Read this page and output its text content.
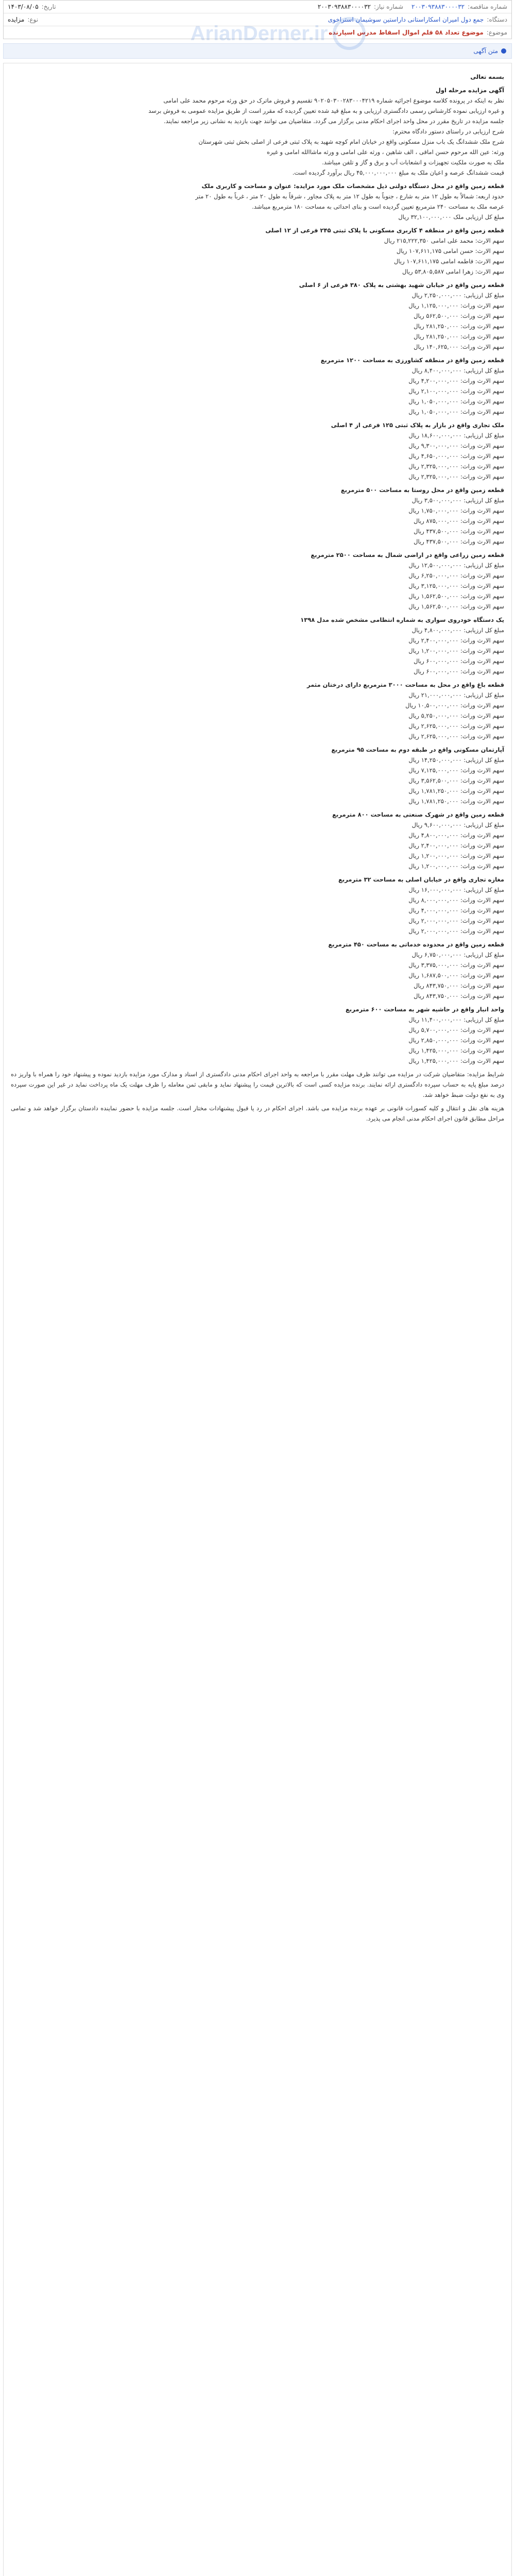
شماره مناقصه:
۲۰۰۳۰۹۳۸۸۳۰۰۰۰۳۲
شماره نیاز:
۲۰۰۳۰۹۳۸۸۳۰۰۰۰۳۲
تاریخ:
۱۴۰۳/۰۸/۰۵
دستگاه:
جمع دول امیران اسکاراستانی داراستین سوشیمان استراخوی
نوع:
مزایده
موضوع:
موضوع تعداد ۵۸ قلم اموال اسقاط مدرس اسپارنده
متن آگهی

بسمه تعالی

آگهی مزایده مرحله اول

نظر به اینکه در پرونده کلاسه موضوع اجرائیه شماره ۹۰۲۰۵۰۳۰۰۲۸۳۰۰۰۴۲۱۹ تقسیم و فروش ماترک در حق ورثه مرحوم محمد علی امامی

و غیره ارزیابی نموده کارشناس رسمی دادگستری ارزیابی و به مبلغ قید شده تعیین گردیده که مقرر است از طریق مزایده عمومی به فروش برسد

جلسه مزایده در تاریخ مقرر در محل واحد اجرای احکام مدنی برگزار می گردد. متقاضیان می توانند جهت بازدید به نشانی زیر مراجعه نمایند.

شرح ارزیابی در راستای دستور دادگاه محترم:

شرح ملک ششدانگ یک باب منزل مسکونی واقع در خیابان امام کوچه شهید به پلاک ثبتی فرعی از اصلی بخش ثبتی شهرستان

ورثه: عین الله مرحوم حسن اماقی ، الف شاهین ، ورثه علی امامی و ورثه ماشاالله امامی و غیره

ملک به صورت ملکیت تجهیزات و انشعابات آب و برق و گاز و تلفن میباشد.

قیمت ششدانگ عرصه و اعیان ملک به مبلغ ۴۵,۰۰۰,۰۰۰,۰۰۰ ریال برآورد گردیده است.

قطعه زمین واقع در محل دستگاه دولتی ذیل مشخصات ملک مورد مزایده: عنوان و مساحت و کاربری ملک

حدود اربعه: شمالاً به طول ۱۲ متر به شارع ، جنوباً به طول ۱۲ متر به پلاک مجاور ، شرقاً به طول ۲۰ متر ، غرباً به طول ۲۰ متر

عرصه ملک به مساحت ۲۴۰ مترمربع تعیین گردیده است و بنای احداثی به مساحت ۱۸۰ مترمربع میباشد.

مبلغ کل ارزیابی ملک ۳۲,۱۰۰,۰۰۰,۰۰۰ ریال

قطعه زمین واقع در منطقه ۴ کاربری مسکونی با پلاک ثبتی ۲۴۵ فرعی از ۱۲ اصلی

سهم الارث: محمد علی امامی ۲۱۵,۲۲۲,۳۵۰ ریال

سهم الارث: حسن امامی ۱۰۷,۶۱۱,۱۷۵ ریال

سهم الارث: فاطمه امامی ۱۰۷,۶۱۱,۱۷۵ ریال

سهم الارث: زهرا امامی ۵۳,۸۰۵,۵۸۷ ریال

قطعه زمین واقع در خیابان شهید بهشتی به پلاک ۳۸۰ فرعی از ۶ اصلی

مبلغ کل ارزیابی: ۲,۲۵۰,۰۰۰,۰۰۰ ریال

سهم الارث وراث: ۱,۱۲۵,۰۰۰,۰۰۰ ریال

سهم الارث وراث: ۵۶۲,۵۰۰,۰۰۰ ریال

سهم الارث وراث: ۲۸۱,۲۵۰,۰۰۰ ریال

سهم الارث وراث: ۲۸۱,۲۵۰,۰۰۰ ریال

سهم الارث وراث: ۱۴۰,۶۲۵,۰۰۰ ریال

قطعه زمین واقع در منطقه کشاورزی به مساحت ۱۲۰۰ مترمربع

مبلغ کل ارزیابی: ۸,۴۰۰,۰۰۰,۰۰۰ ریال

سهم الارث وراث: ۴,۲۰۰,۰۰۰,۰۰۰ ریال

سهم الارث وراث: ۲,۱۰۰,۰۰۰,۰۰۰ ریال

سهم الارث وراث: ۱,۰۵۰,۰۰۰,۰۰۰ ریال

سهم الارث وراث: ۱,۰۵۰,۰۰۰,۰۰۰ ریال

ملک تجاری واقع در بازار به پلاک ثبتی ۱۲۵ فرعی از ۴ اصلی

مبلغ کل ارزیابی: ۱۸,۶۰۰,۰۰۰,۰۰۰ ریال

سهم الارث وراث: ۹,۳۰۰,۰۰۰,۰۰۰ ریال

سهم الارث وراث: ۴,۶۵۰,۰۰۰,۰۰۰ ریال

سهم الارث وراث: ۲,۳۲۵,۰۰۰,۰۰۰ ریال

سهم الارث وراث: ۲,۳۲۵,۰۰۰,۰۰۰ ریال

قطعه زمین واقع در محل روستا به مساحت ۵۰۰ مترمربع

مبلغ کل ارزیابی: ۳,۵۰۰,۰۰۰,۰۰۰ ریال

سهم الارث وراث: ۱,۷۵۰,۰۰۰,۰۰۰ ریال

سهم الارث وراث: ۸۷۵,۰۰۰,۰۰۰ ریال

سهم الارث وراث: ۴۳۷,۵۰۰,۰۰۰ ریال

سهم الارث وراث: ۴۳۷,۵۰۰,۰۰۰ ریال

قطعه زمین زراعی واقع در اراضی شمال به مساحت ۲۵۰۰ مترمربع

مبلغ کل ارزیابی: ۱۲,۵۰۰,۰۰۰,۰۰۰ ریال

سهم الارث وراث: ۶,۲۵۰,۰۰۰,۰۰۰ ریال

سهم الارث وراث: ۳,۱۲۵,۰۰۰,۰۰۰ ریال

سهم الارث وراث: ۱,۵۶۲,۵۰۰,۰۰۰ ریال

سهم الارث وراث: ۱,۵۶۲,۵۰۰,۰۰۰ ریال

یک دستگاه خودروی سواری به شماره انتظامی مشخص شده مدل ۱۳۹۸

مبلغ کل ارزیابی: ۴,۸۰۰,۰۰۰,۰۰۰ ریال

سهم الارث وراث: ۲,۴۰۰,۰۰۰,۰۰۰ ریال

سهم الارث وراث: ۱,۲۰۰,۰۰۰,۰۰۰ ریال

سهم الارث وراث: ۶۰۰,۰۰۰,۰۰۰ ریال

سهم الارث وراث: ۶۰۰,۰۰۰,۰۰۰ ریال

قطعه باغ واقع در محل به مساحت ۳۰۰۰ مترمربع دارای درختان مثمر

مبلغ کل ارزیابی: ۲۱,۰۰۰,۰۰۰,۰۰۰ ریال

سهم الارث وراث: ۱۰,۵۰۰,۰۰۰,۰۰۰ ریال

سهم الارث وراث: ۵,۲۵۰,۰۰۰,۰۰۰ ریال

سهم الارث وراث: ۲,۶۲۵,۰۰۰,۰۰۰ ریال

سهم الارث وراث: ۲,۶۲۵,۰۰۰,۰۰۰ ریال

آپارتمان مسکونی واقع در طبقه دوم به مساحت ۹۵ مترمربع

مبلغ کل ارزیابی: ۱۴,۲۵۰,۰۰۰,۰۰۰ ریال

سهم الارث وراث: ۷,۱۲۵,۰۰۰,۰۰۰ ریال

سهم الارث وراث: ۳,۵۶۲,۵۰۰,۰۰۰ ریال

سهم الارث وراث: ۱,۷۸۱,۲۵۰,۰۰۰ ریال

سهم الارث وراث: ۱,۷۸۱,۲۵۰,۰۰۰ ریال

قطعه زمین واقع در شهرک صنعتی به مساحت ۸۰۰ مترمربع

مبلغ کل ارزیابی: ۹,۶۰۰,۰۰۰,۰۰۰ ریال

سهم الارث وراث: ۴,۸۰۰,۰۰۰,۰۰۰ ریال

سهم الارث وراث: ۲,۴۰۰,۰۰۰,۰۰۰ ریال

سهم الارث وراث: ۱,۲۰۰,۰۰۰,۰۰۰ ریال

سهم الارث وراث: ۱,۲۰۰,۰۰۰,۰۰۰ ریال

مغازه تجاری واقع در خیابان اصلی به مساحت ۳۲ مترمربع

مبلغ کل ارزیابی: ۱۶,۰۰۰,۰۰۰,۰۰۰ ریال

سهم الارث وراث: ۸,۰۰۰,۰۰۰,۰۰۰ ریال

سهم الارث وراث: ۴,۰۰۰,۰۰۰,۰۰۰ ریال

سهم الارث وراث: ۲,۰۰۰,۰۰۰,۰۰۰ ریال

سهم الارث وراث: ۲,۰۰۰,۰۰۰,۰۰۰ ریال

قطعه زمین واقع در محدوده خدماتی به مساحت ۴۵۰ مترمربع

مبلغ کل ارزیابی: ۶,۷۵۰,۰۰۰,۰۰۰ ریال

سهم الارث وراث: ۳,۳۷۵,۰۰۰,۰۰۰ ریال

سهم الارث وراث: ۱,۶۸۷,۵۰۰,۰۰۰ ریال

سهم الارث وراث: ۸۴۳,۷۵۰,۰۰۰ ریال

سهم الارث وراث: ۸۴۳,۷۵۰,۰۰۰ ریال

واحد انبار واقع در حاشیه شهر به مساحت ۶۰۰ مترمربع

مبلغ کل ارزیابی: ۱۱,۴۰۰,۰۰۰,۰۰۰ ریال

سهم الارث وراث: ۵,۷۰۰,۰۰۰,۰۰۰ ریال

سهم الارث وراث: ۲,۸۵۰,۰۰۰,۰۰۰ ریال

سهم الارث وراث: ۱,۴۲۵,۰۰۰,۰۰۰ ریال

سهم الارث وراث: ۱,۴۲۵,۰۰۰,۰۰۰ ریال

شرایط مزایده: متقاضیان شرکت در مزایده می توانند ظرف مهلت مقرر با مراجعه به واحد اجرای احکام مدنی دادگستری از اسناد و مدارک مورد مزایده بازدید نموده و پیشنهاد خود را همراه با واریز ده درصد مبلغ پایه به حساب سپرده دادگستری ارائه نمایند. برنده مزایده کسی است که بالاترین قیمت را پیشنهاد نماید و مابقی ثمن معامله را ظرف مهلت یک ماه پرداخت نماید در غیر این صورت سپرده وی به نفع دولت ضبط خواهد شد.

هزینه های نقل و انتقال و کلیه کسورات قانونی بر عهده برنده مزایده می باشد. اجرای احکام در رد یا قبول پیشنهادات مختار است. جلسه مزایده با حضور نماینده دادستان برگزار خواهد شد و تمامی مراحل مطابق قانون اجرای احکام مدنی انجام می پذیرد.
